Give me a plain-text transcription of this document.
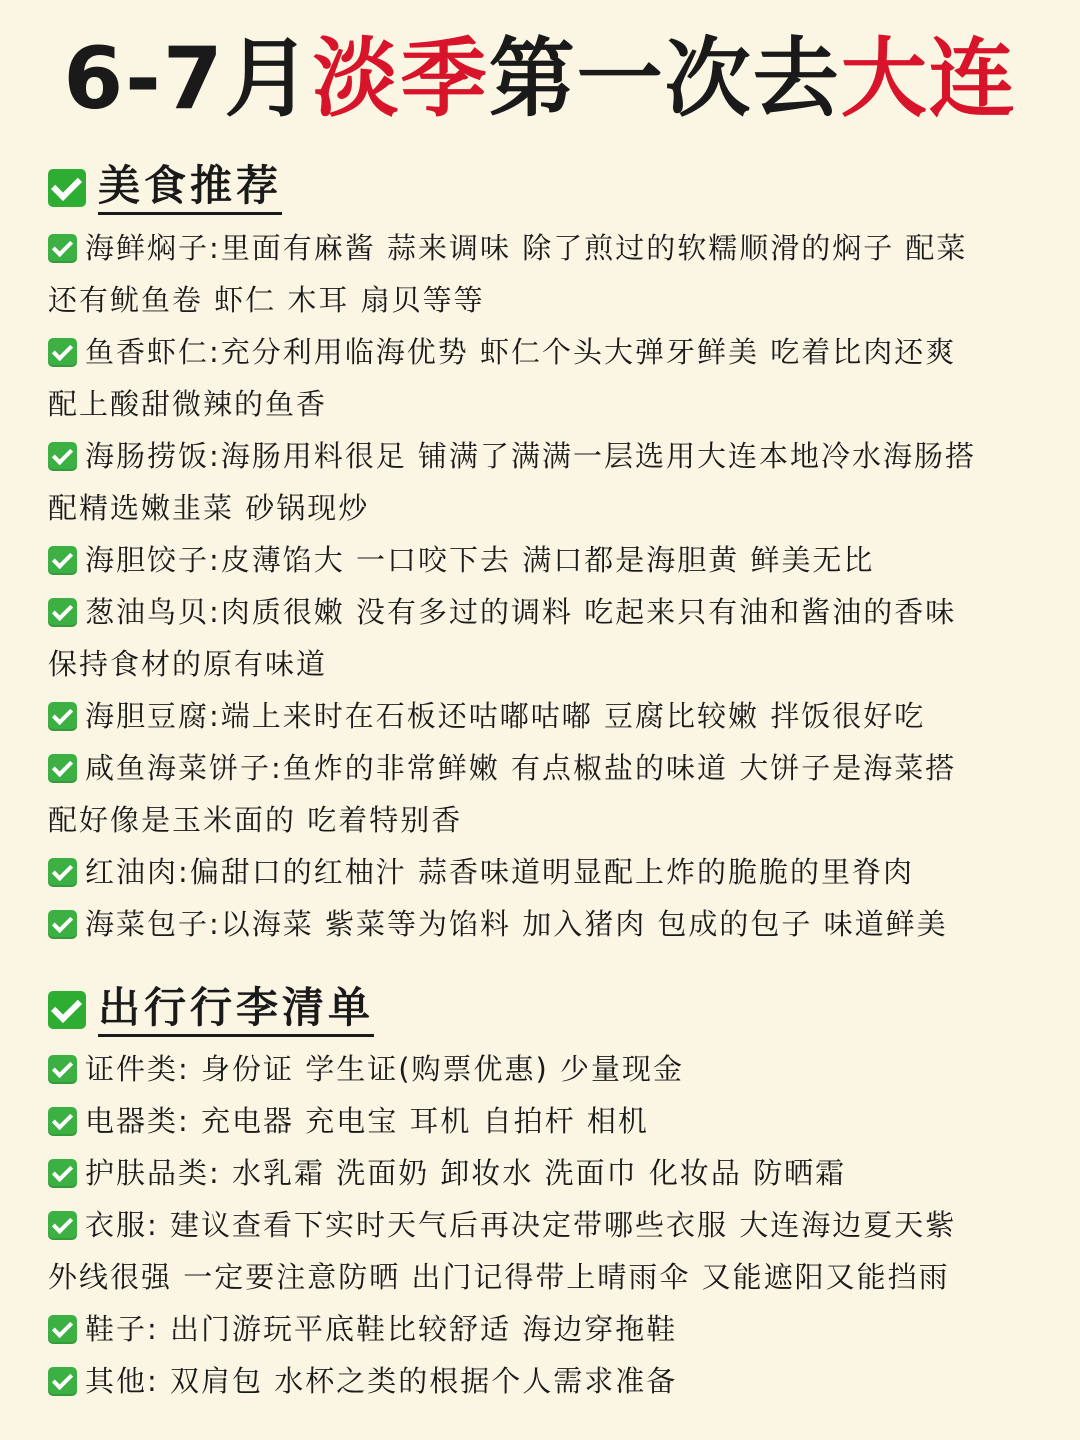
6-7月淡季第一次去大连
美食推荐
海鲜焖子:里面有麻酱 蒜来调味 除了煎过的软糯顺滑的焖子 配菜
还有鱿鱼卷 虾仁 木耳 扇贝等等
鱼香虾仁:充分利用临海优势 虾仁个头大弹牙鲜美 吃着比肉还爽
配上酸甜微辣的鱼香
海肠捞饭:海肠用料很足 铺满了满满一层选用大连本地冷水海肠搭
配精选嫩韭菜 砂锅现炒
海胆饺子:皮薄馅大 一口咬下去 满口都是海胆黄 鲜美无比
葱油鸟贝:肉质很嫩 没有多过的调料 吃起来只有油和酱油的香味
保持食材的原有味道
海胆豆腐:端上来时在石板还咕嘟咕嘟 豆腐比较嫩 拌饭很好吃
咸鱼海菜饼子:鱼炸的非常鲜嫩 有点椒盐的味道 大饼子是海菜搭
配好像是玉米面的 吃着特别香
红油肉:偏甜口的红柚汁 蒜香味道明显配上炸的脆脆的里脊肉
海菜包子:以海菜 紫菜等为馅料 加入猪肉 包成的包子 味道鲜美
出行行李清单
证件类: 身份证 学生证(购票优惠) 少量现金
电器类: 充电器 充电宝 耳机 自拍杆 相机
护肤品类: 水乳霜 洗面奶 卸妆水 洗面巾 化妆品 防晒霜
衣服: 建议查看下实时天气后再决定带哪些衣服 大连海边夏天紫
外线很强 一定要注意防晒 出门记得带上晴雨伞 又能遮阳又能挡雨
鞋子: 出门游玩平底鞋比较舒适 海边穿拖鞋
其他: 双肩包 水杯之类的根据个人需求准备
